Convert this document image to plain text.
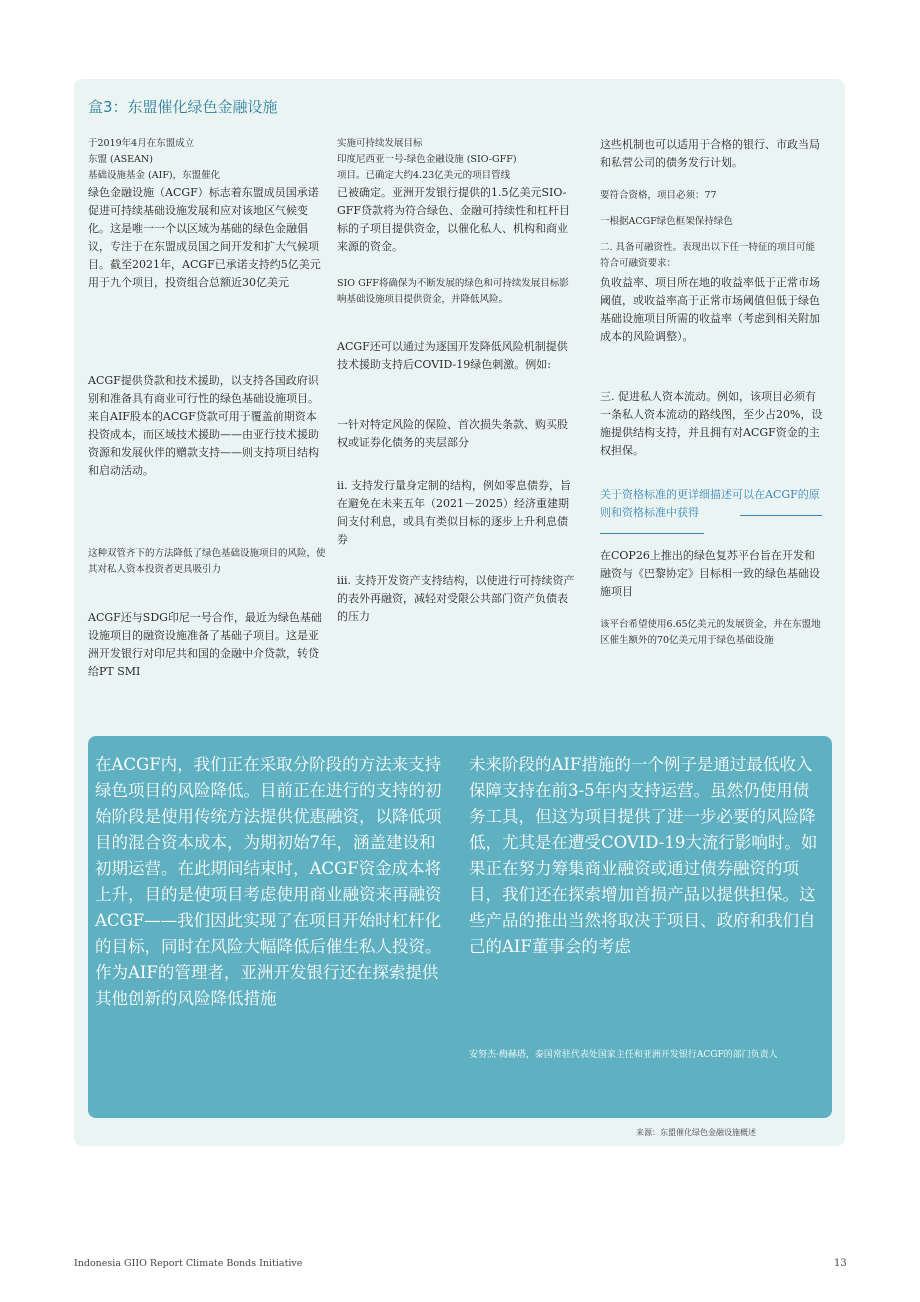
盒3：东盟催化绿色金融设施

于2019年4月在东盟成立

东盟 (ASEAN)

基础设施基金 (AIF)，东盟催化

绿色金融设施（ACGF）标志着东盟成员国承诺促进可持续基础设施发展和应对该地区气候变化。这是唯一一个以区域为基础的绿色金融倡议，专注于在东盟成员国之间开发和扩大气候项目。截至2021年，ACGF已承诺支持约5亿美元用于九个项目，投资组合总额近30亿美元

ACGF提供贷款和技术援助，以支持各国政府识别和准备具有商业可行性的绿色基础设施项目。来自AIF股本的ACGF贷款可用于覆盖前期资本投资成本，而区域技术援助——由亚行技术援助资源和发展伙伴的赠款支持——则支持项目结构和启动活动。

这种双管齐下的方法降低了绿色基础设施项目的风险，使其对私人资本投资者更具吸引力

ACGF还与SDG印尼一号合作，最近为绿色基础设施项目的融资设施准备了基础子项目。这是亚洲开发银行对印尼共和国的金融中介贷款，转贷给PT SMI

实施可持续发展目标

印度尼西亚一号-绿色金融设施 (SIO-GFF)

项目。已确定大约4.23亿美元的项目管线

已被确定。亚洲开发银行提供的1.5亿美元SIO-GFF贷款将为符合绿色、金融可持续性和杠杆目标的子项目提供资金，以催化私人、机构和商业来源的资金。

SIO GFF将确保为不断发展的绿色和可持续发展目标影响基础设施项目提供资金，并降低风险。

ACGF还可以通过为逐国开发降低风险机制提供技术援助支持后COVID-19绿色刺激。例如:

一针对特定风险的保险、首次损失条款、购买股权或证券化债务的夹层部分

ii. 支持发行量身定制的结构，例如零息债券，旨在避免在未来五年（2021－2025）经济重建期间支付利息，或具有类似目标的逐步上升利息债券

iii. 支持开发资产支持结构，以使进行可持续资产的表外再融资，减轻对受限公共部门资产负债表的压力

这些机制也可以适用于合格的银行、市政当局和私营公司的债务发行计划。

要符合资格，项目必须：77

一根据ACGF绿色框架保持绿色

二. 具备可融资性。表现出以下任一特征的项目可能符合可融资要求：

负收益率、项目所在地的收益率低于正常市场阈值，或收益率高于正常市场阈值但低于绿色基础设施项目所需的收益率（考虑到相关附加成本的风险调整）。

三. 促进私人资本流动。例如，该项目必须有一条私人资本流动的路线图，至少占20%，设施提供结构支持，并且拥有对ACGF资金的主权担保。

关于资格标准的更详细描述可以在ACGF的原则和资格标准中获得

在COP26上推出的绿色复苏平台旨在开发和融资与《巴黎协定》目标相一致的绿色基础设施项目

该平台希望使用6.65亿美元的发展资金，并在东盟地区催生额外的70亿美元用于绿色基础设施

在ACGF内，我们正在采取分阶段的方法来支持绿色项目的风险降低。目前正在进行的支持的初始阶段是使用传统方法提供优惠融资，以降低项目的混合资本成本，为期初始7年，涵盖建设和初期运营。在此期间结束时，ACGF资金成本将上升，目的是使项目考虑使用商业融资来再融资ACGF——我们因此实现了在项目开始时杠杆化的目标，同时在风险大幅降低后催生私人投资。作为AIF的管理者，亚洲开发银行还在探索提供其他创新的风险降低措施
未来阶段的AIF措施的一个例子是通过最低收入保障支持在前3-5年内支持运营。虽然仍使用债务工具，但这为项目提供了进一步必要的风险降低，尤其是在遭受COVID-19大流行影响时。如果正在努力筹集商业融资或通过债券融资的项目，我们还在探索增加首损产品以提供担保。这些产品的推出当然将取决于项目、政府和我们自己的AIF董事会的考虑
安努杰·梅赫塔，泰国常驻代表处国家主任和亚洲开发银行ACGF的部门负责人
来源：东盟催化绿色金融设施概述
Indonesia GIIO Report Climate Bonds Initiative	13
